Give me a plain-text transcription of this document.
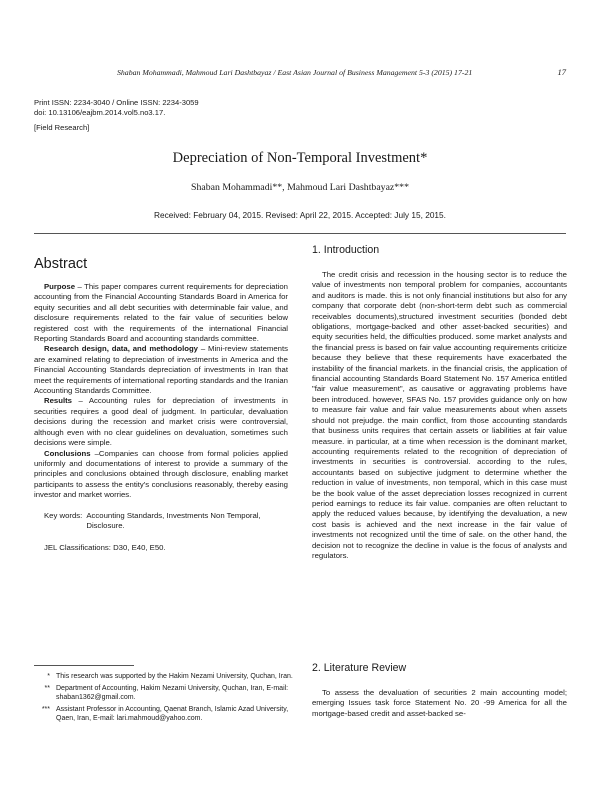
Shaban Mohammadi, Mahmoud Lari Dashtbayaz / East Asian Journal of Business Management 5-3 (2015) 17-21	17
Print ISSN: 2234-3040 / Online ISSN: 2234-3059
doi: 10.13106/eajbm.2014.vol5.no3.17.
[Field Research]
Depreciation of Non-Temporal Investment*
Shaban Mohammadi**, Mahmoud Lari Dashtbayaz***
Received: February 04, 2015. Revised: April 22, 2015. Accepted: July 15, 2015.
Abstract

Purpose – This paper compares current requirements for depreciation accounting from the Financial Accounting Standards Board in America for equity securities and all debt securities with determinable fair value, and disclosure requirements related to the fair value of securities below registered cost with the requirements of the international Financial Reporting Standards Board and accounting standards committee.

Research design, data, and methodology – Mini-review statements are examined relating to depreciation of investments in America and the Financial Accounting Standards depreciation of investments in Iran that meet the requirements of international reporting standards and the Iranian Accounting Standards Committee.

Results – Accounting rules for depreciation of investments in securities requires a good deal of judgment. In particular, devaluation decisions during the recession and market crisis were controversial, although even with no clear guidelines on devaluation, sometimes such decisions were simple.

Conclusions –Companies can choose from formal policies applied uniformly and documentations of interest to provide a summary of the principles and conclusions obtained through disclosure, enabling market participants to assess the entity's conclusions reasonably, thereby easing investor and market worries.

Key words: Accounting Standards, Investments Non Temporal, Disclosure.
JEL Classifications: D30, E40, E50.
* This research was supported by the Hakim Nezami University, Quchan, Iran.
** Department of Accounting, Hakim Nezami University, Quchan, Iran, E-mail: shaban1362@gmail.com.
*** Assistant Professor in Accounting, Qaenat Branch, Islamic Azad University, Qaen, Iran, E-mail: lari.mahmoud@yahoo.com.
1. Introduction

The credit crisis and recession in the housing sector is to reduce the value of investments non temporal problem for companies, accountants and auditors is made. this is not only financial institutions but also for any company that corporate debt (non-short-term debt such as commercial receivables documents),structured investment securities (bonded debt obligations, mortgage-backed and other asset-backed securities) and equity securities held, the difficulties produced. some market analysts and the financial press is based on fair value accounting requirements criticize because they believe that these requirements have exacerbated the instability of the financial markets. in the financial crisis, the application of financial accounting Standards Board Statement No. 157 America entitled "fair value measurement", as causative or aggravating problems have been introduced. however, SFAS No. 157 provides guidance only on how to measure fair value and fair value measurements about when assets should not prejudge. the main conflict, from those accounting standards that business units requires that certain assets or liabilities at fair value measure. in particular, at a time when recession is the dominant market, accounting requirements related to the recognition of depreciation of investments in securities is controversial. according to the rules, accountants based on subjective judgment to determine whether the reduction in value of investments, non temporal, which in this case must be the book value of the asset depreciation losses recognized in current period earnings to reduce its fair value. companies are often reluctant to apply the reduced values because, by identifying the devaluation, a new cost basis is achieved and the next increase in the fair value of investments not recognized until the time of sale. on the other hand, the decision not to recognize the decline in value is the focus of analysts and regulators.

2. Literature Review

To assess the devaluation of securities 2 main accounting model; emerging Issues task force Statement No. 20 -99 America for all the mortgage-based credit and asset-backed se-
